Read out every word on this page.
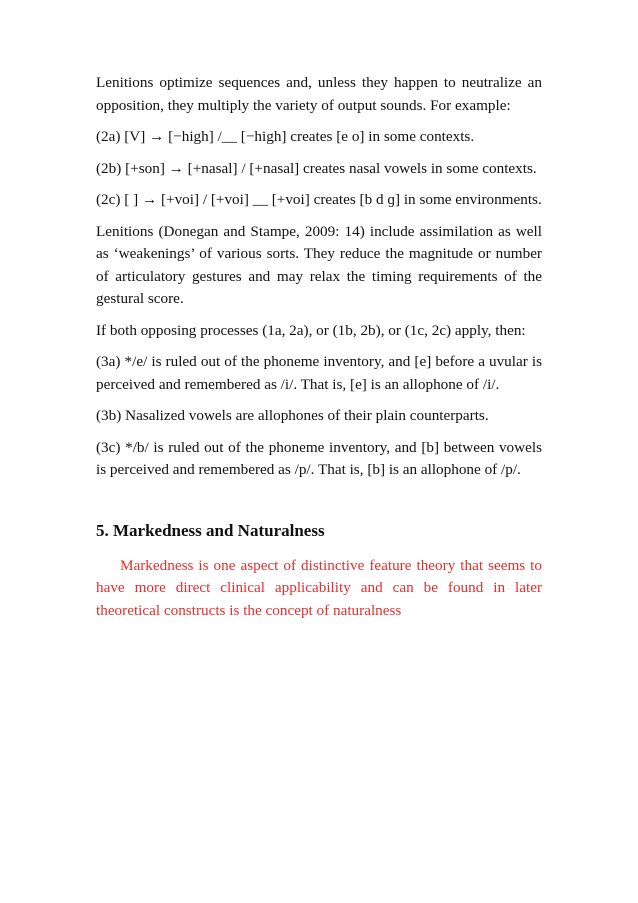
Lenitions optimize sequences and, unless they happen to neutralize an opposition, they multiply the variety of output sounds. For example:

(2a) [V] → [−high] /__ [−high] creates [e o] in some contexts.

(2b) [+son] → [+nasal] / [+nasal] creates nasal vowels in some contexts.

(2c) [ ] → [+voi] / [+voi] __ [+voi] creates [b d ɡ] in some environments.

Lenitions (Donegan and Stampe, 2009: 14) include assimilation as well as ‘weakenings’ of various sorts. They reduce the magnitude or number of articulatory gestures and may relax the timing requirements of the gestural score.

If both opposing processes (1a, 2a), or (1b, 2b), or (1c, 2c) apply, then:

(3a) */e/ is ruled out of the phoneme inventory, and [e] before a uvular is perceived and remembered as /i/. That is, [e] is an allophone of /i/.

(3b) Nasalized vowels are allophones of their plain counterparts.

(3c) */b/ is ruled out of the phoneme inventory, and [b] between vowels is perceived and remembered as /p/. That is, [b] is an allophone of /p/.

5. Markedness and Naturalness

Markedness is one aspect of distinctive feature theory that seems to have more direct clinical applicability and can be found in later theoretical constructs is the concept of naturalness
